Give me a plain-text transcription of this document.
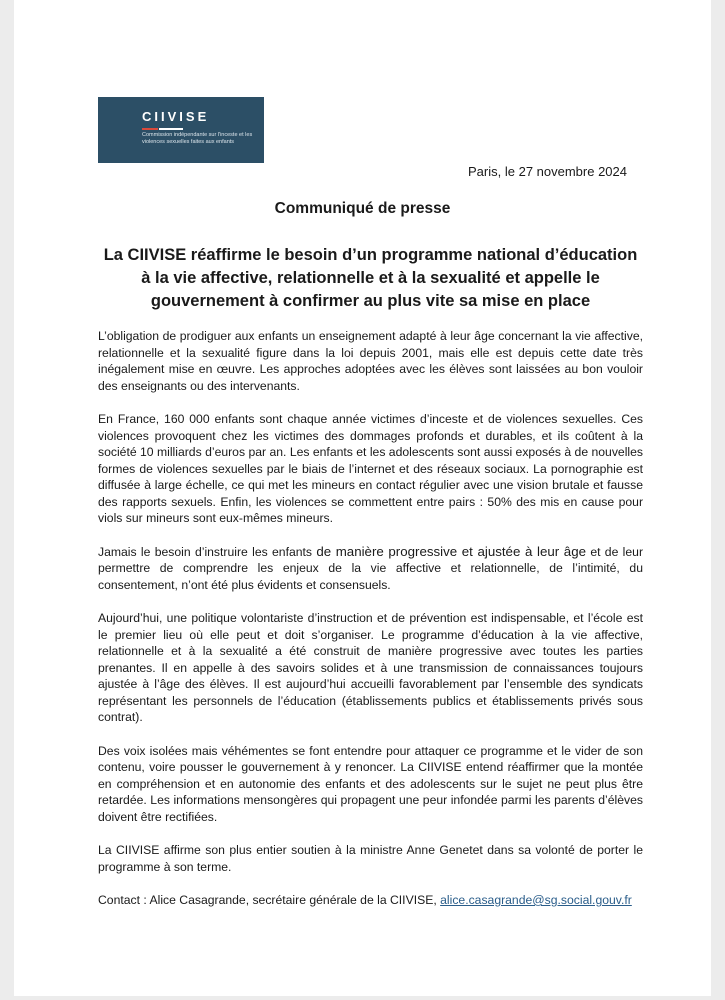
CIIVISE
Commission indépendante sur l'inceste et les violences sexuelles faites aux enfants
Paris, le 27 novembre 2024
Communiqué de presse
La CIIVISE réaffirme le besoin d’un programme national d’éducation à la vie affective, relationnelle et à la sexualité et appelle le gouvernement à confirmer au plus vite sa mise en place

L’obligation de prodiguer aux enfants un enseignement adapté à leur âge concernant la vie affective, relationnelle et la sexualité figure dans la loi depuis 2001, mais elle est depuis cette date très inégalement mise en œuvre. Les approches adoptées avec les élèves sont laissées au bon vouloir des enseignants ou des intervenants.

En France, 160 000 enfants sont chaque année victimes d’inceste et de violences sexuelles. Ces violences provoquent chez les victimes des dommages profonds et durables, et ils coûtent à la société 10 milliards d’euros par an. Les enfants et les adolescents sont aussi exposés à de nouvelles formes de violences sexuelles par le biais de l’internet et des réseaux sociaux. La pornographie est diffusée à large échelle, ce qui met les mineurs en contact régulier avec une vision brutale et fausse des rapports sexuels. Enfin, les violences se commettent entre pairs : 50% des mis en cause pour viols sur mineurs sont eux-mêmes mineurs.

Jamais le besoin d’instruire les enfants de manière progressive et ajustée à leur âge et de leur permettre de comprendre les enjeux de la vie affective et relationnelle, de l’intimité, du consentement, n’ont été plus évidents et consensuels.

Aujourd’hui, une politique volontariste d’instruction et de prévention est indispensable, et l’école est le premier lieu où elle peut et doit s’organiser. Le programme d’éducation à la vie affective, relationnelle et à la sexualité a été construit de manière progressive avec toutes les parties prenantes. Il en appelle à des savoirs solides et à une transmission de connaissances toujours ajustée à l’âge des élèves. Il est aujourd’hui accueilli favorablement par l’ensemble des syndicats représentant les personnels de l’éducation (établissements publics et établissements privés sous contrat).

Des voix isolées mais véhémentes se font entendre pour attaquer ce programme et le vider de son contenu, voire pousser le gouvernement à y renoncer. La CIIVISE entend réaffirmer que la montée en compréhension et en autonomie des enfants et des adolescents sur le sujet ne peut plus être retardée. Les informations mensongères qui propagent une peur infondée parmi les parents d’élèves doivent être rectifiées.

La CIIVISE affirme son plus entier soutien à la ministre Anne Genetet dans sa volonté de porter le programme à son terme.

Contact : Alice Casagrande, secrétaire générale de la CIIVISE, alice.casagrande@sg.social.gouv.fr
